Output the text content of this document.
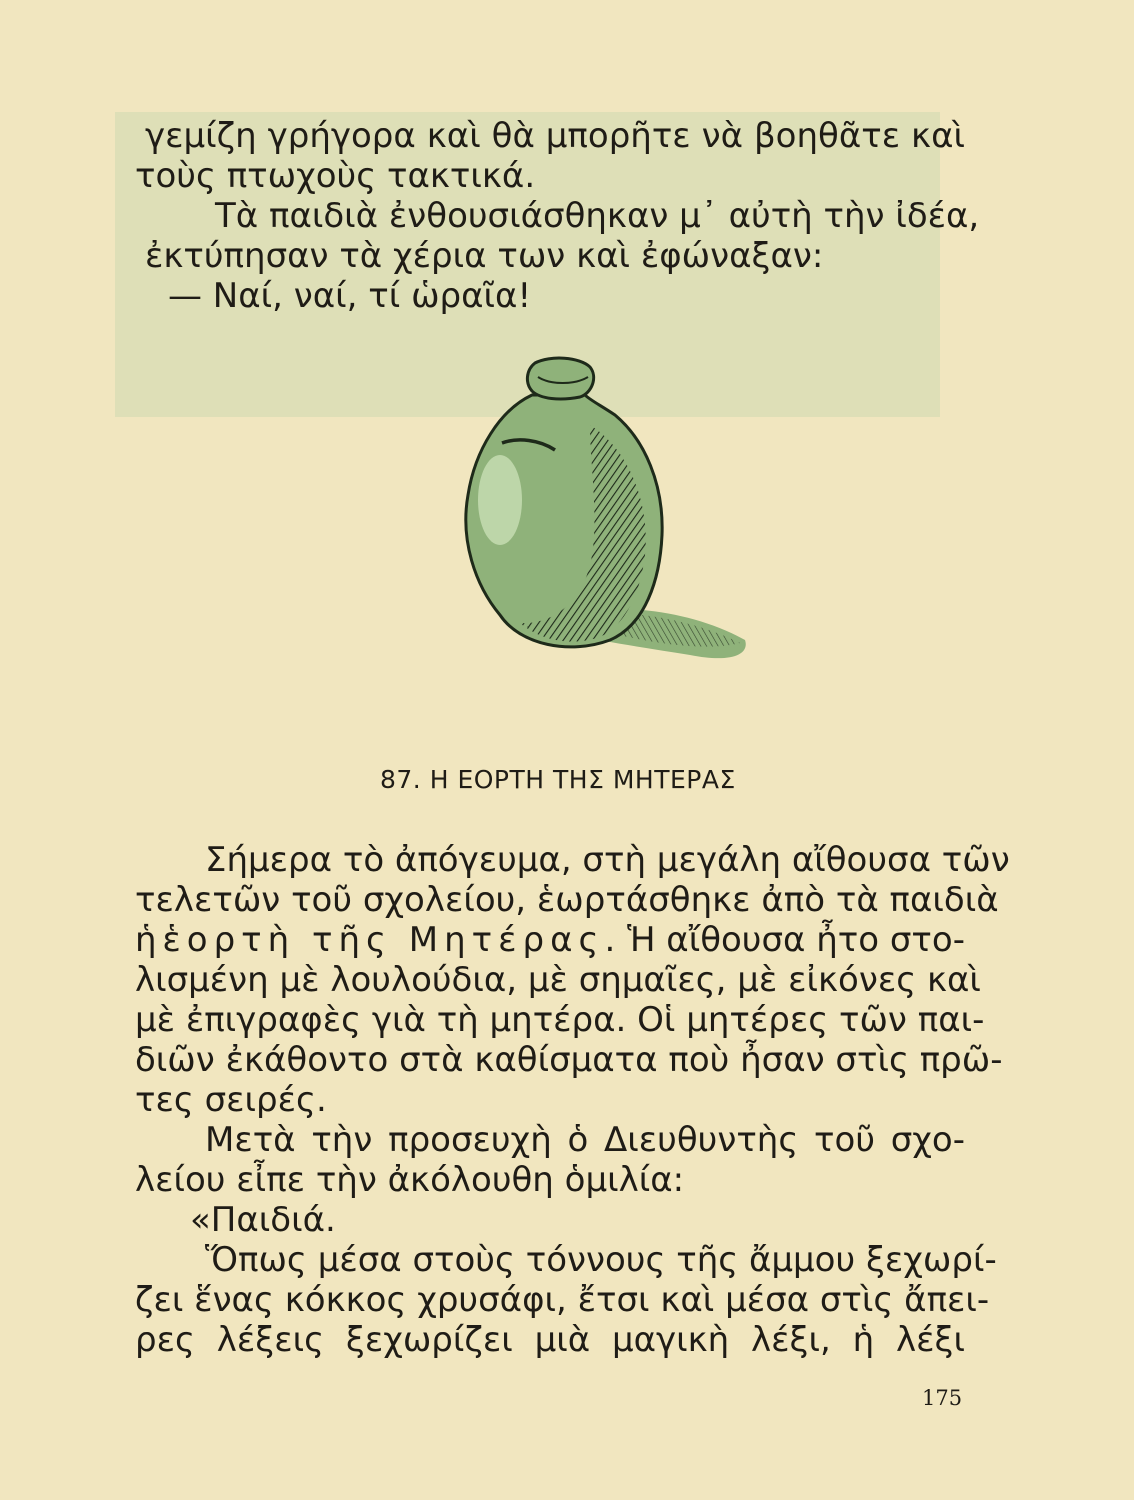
γεμίζη γρήγορα καὶ θὰ μπορῆτε νὰ βοηθᾶτε καὶ
τοὺς πτωχοὺς τακτικά.
Τὰ παιδιὰ ἐνθουσιάσθηκαν μ᾽ αὐτὴ τὴν ἰδέα,
ἐκτύπησαν τὰ χέρια των καὶ ἐφώναξαν:
— Ναί, ναί, τί ὡραῖα!
87. Η ΕΟΡΤΗ ΤΗΣ ΜΗΤΕΡΑΣ
Σήμερα τὸ ἀπόγευμα, στὴ μεγάλη αἴθουσα τῶν
τελετῶν τοῦ σχολείου, ἑωρτάσθηκε ἀπὸ τὰ παιδιὰ
ἡ ἑορτὴ τῆς Μητέρας. Ἡ αἴθουσα ἦτο στο-
λισμένη μὲ λουλούδια, μὲ σημαῖες, μὲ εἰκόνες καὶ
μὲ ἐπιγραφὲς γιὰ τὴ μητέρα. Οἱ μητέρες τῶν παι-
διῶν ἐκάθοντο στὰ καθίσματα ποὺ ἦσαν στὶς πρῶ-
τες σειρές.
Μετὰ τὴν προσευχὴ ὁ Διευθυντὴς τοῦ σχο-
λείου εἶπε τὴν ἀκόλουθη ὁμιλία:
«Παιδιά.
Ὅπως μέσα στοὺς τόννους τῆς ἄμμου ξεχωρί-
ζει ἕνας κόκκος χρυσάφι, ἔτσι καὶ μέσα στὶς ἄπει-
ρες λέξεις ξεχωρίζει μιὰ μαγικὴ λέξι, ἡ λέξι
175
